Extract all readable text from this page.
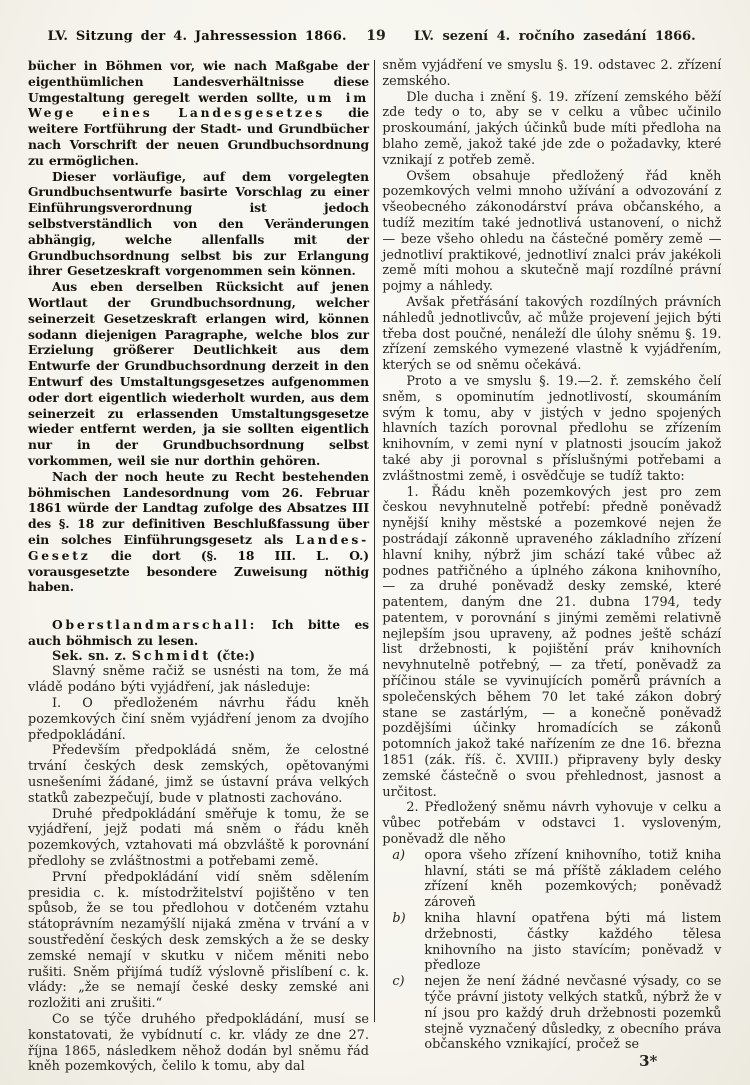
LV. Sitzung der 4. Jahressession 1866.	19	LV. sezení 4. ročního zasedání 1866.

bücher in Böhmen vor, wie nach Maßgabe der eigenthümlichen Landesverhältnisse diese Umgestaltung geregelt werden sollte, um im Wege eines Landesgesetzes die weitere Fortführung der Stadt- und Grundbücher nach Vorschrift der neuen Grundbuchsordnung zu ermöglichen.

Dieser vorläufige, auf dem vorgelegten Grundbuchsentwurfe basirte Vorschlag zu einer Einführungsverordnung ist jedoch selbstverständlich von den Veränderungen abhängig, welche allenfalls mit der Grundbuchsordnung selbst bis zur Erlangung ihrer Gesetzeskraft vorgenommen sein können.

Aus eben derselben Rücksicht auf jenen Wortlaut der Grundbuchsordnung, welcher seinerzeit Gesetzeskraft erlangen wird, können sodann diejenigen Paragraphe, welche blos zur Erzielung größerer Deutlichkeit aus dem Entwurfe der Grundbuchsordnung derzeit in den Entwurf des Umstaltungsgesetzes aufgenommen oder dort eigentlich wiederholt wurden, aus dem seinerzeit zu erlassenden Umstaltungsgesetze wieder entfernt werden, ja sie sollten eigentlich nur in der Grundbuchsordnung selbst vorkommen, weil sie nur dorthin gehören.

Nach der noch heute zu Recht bestehenden böhmischen Landesordnung vom 26. Februar 1861 würde der Landtag zufolge des Absatzes III des §. 18 zur definitiven Beschlußfassung über ein solches Einführungsgesetz als Landes-Gesetz die dort (§. 18 III. L. O.) vorausgesetzte besondere Zuweisung nöthig haben.

Oberstlandmarschall: Ich bitte es auch böhmisch zu lesen.

Sek. sn. z. Schmidt (čte:)

Slavný sněme račiž se usnésti na tom, že má vládě podáno býti vyjádření, jak následuje:

I. O předloženém návrhu řádu kněh pozemkových činí sněm vyjádření jenom za dvojího předpokládání.

Především předpokládá sněm, že celostné trvání českých desk zemských, opětovanými usnešeními žádané, jimž se ústavní práva velkých statků zabezpečují, bude v platnosti zachováno.

Druhé předpokládání směřuje k tomu, že se vyjádření, jejž podati má sněm o řádu kněh pozemkových, vztahovati má obzvláště k porovnání předlohy se zvláštnostmi a potřebami země.

První předpokládání vidí sněm sdělením presidia c. k. místodržitelství pojištěno v ten spůsob, že se tou předlohou v dotčeném vztahu státoprávním nezamýšlí nijaká změna v trvání a v soustředění českých desk zemských a že se desky zemské nemají v skutku v ničem měniti nebo rušiti. Sněm přijímá tudíž výslovně přislíbení c. k. vlády: „že se nemají české desky zemské ani rozložiti ani zrušiti.“

Co se týče druhého předpokládání, musí se konstatovati, že vybídnutí c. kr. vlády ze dne 27. října 1865, následkem něhož dodán byl sněmu řád kněh pozemkových, čelilo k tomu, aby dal

sněm vyjádření ve smyslu §. 19. odstavec 2. zřízení zemského.

Dle ducha i znění §. 19. zřízení zemského běží zde tedy o to, aby se v celku a vůbec učinilo proskoumání, jakých účinků bude míti předloha na blaho země, jakož také jde zde o požadavky, které vznikají z potřeb země.

Ovšem obsahuje předložený řád kněh pozemkových velmi mnoho užívání a odvozování z všeobecného zákonodárství práva občanského, a tudíž mezitím také jednotlivá ustanovení, o nichž — beze všeho ohledu na částečné poměry země — jednotliví praktikové, jednotliví znalci práv jakékoli země míti mohou a skutečně mají rozdílné právní pojmy a náhledy.

Avšak přetřásání takových rozdílných právních náhledů jednotlivcův, ač může projevení jejich býti třeba dost poučné, nenáleží dle úlohy sněmu §. 19. zřízení zemského vymezené vlastně k vyjádřením, kterých se od sněmu očekává.

Proto a ve smyslu §. 19.—2. ř. zemského čelí sněm, s opominutím jednotlivostí, skoumáním svým k tomu, aby v jistých v jedno spojených hlavních tazích porovnal předlohu se zřízením knihovním, v zemi nyní v platnosti jsoucím jakož také aby ji porovnal s příslušnými potřebami a zvláštnostmi země, i osvědčuje se tudíž takto:

1. Řádu kněh pozemkových jest pro zem českou nevyhnutelně potřebí: předně poněvadž nynější knihy městské a pozemkové nejen že postrádají zákonně upraveného základního zřízení hlavní knihy, nýbrž jim schází také vůbec až podnes patřičného a úplného zákona knihovního, — za druhé poněvadž desky zemské, které patentem, daným dne 21. dubna 1794, tedy patentem, v porovnání s jinými zeměmi relativně nejlepším jsou upraveny, až podnes ještě schází list držebnosti, k pojištění práv knihovních nevyhnutelně potřebný, — za třetí, poněvadž za příčinou stále se vyvinujících poměrů právních a společenských během 70 let také zákon dobrý stane se zastárlým, — a konečně poněvadž pozdějšími účinky hromadících se zákonů potomních jakož také nařízením ze dne 16. března 1851 (zák. říš. č. XVIII.) připraveny byly desky zemské částečně o svou přehlednost, jasnost a určitost.

2. Předložený sněmu návrh vyhovuje v celku a vůbec potřebám v odstavci 1. vysloveným, poněvadž dle něho

a)	opora všeho zřízení knihovního, totiž kniha hlavní, státi se má příště základem celého zřízení kněh pozemkových; poněvadž zároveň

b)	kniha hlavní opatřena býti má listem držebnosti, částky každého tělesa knihovního na jisto stavícím; poněvadž v předloze

c)	nejen že není žádné nevčasné výsady, co se týče právní jistoty velkých statků, nýbrž že v ní jsou pro každý druh držebnosti pozemků stejně vyznačený důsledky, z obecního práva občanského vznikající, pročež se

3*
